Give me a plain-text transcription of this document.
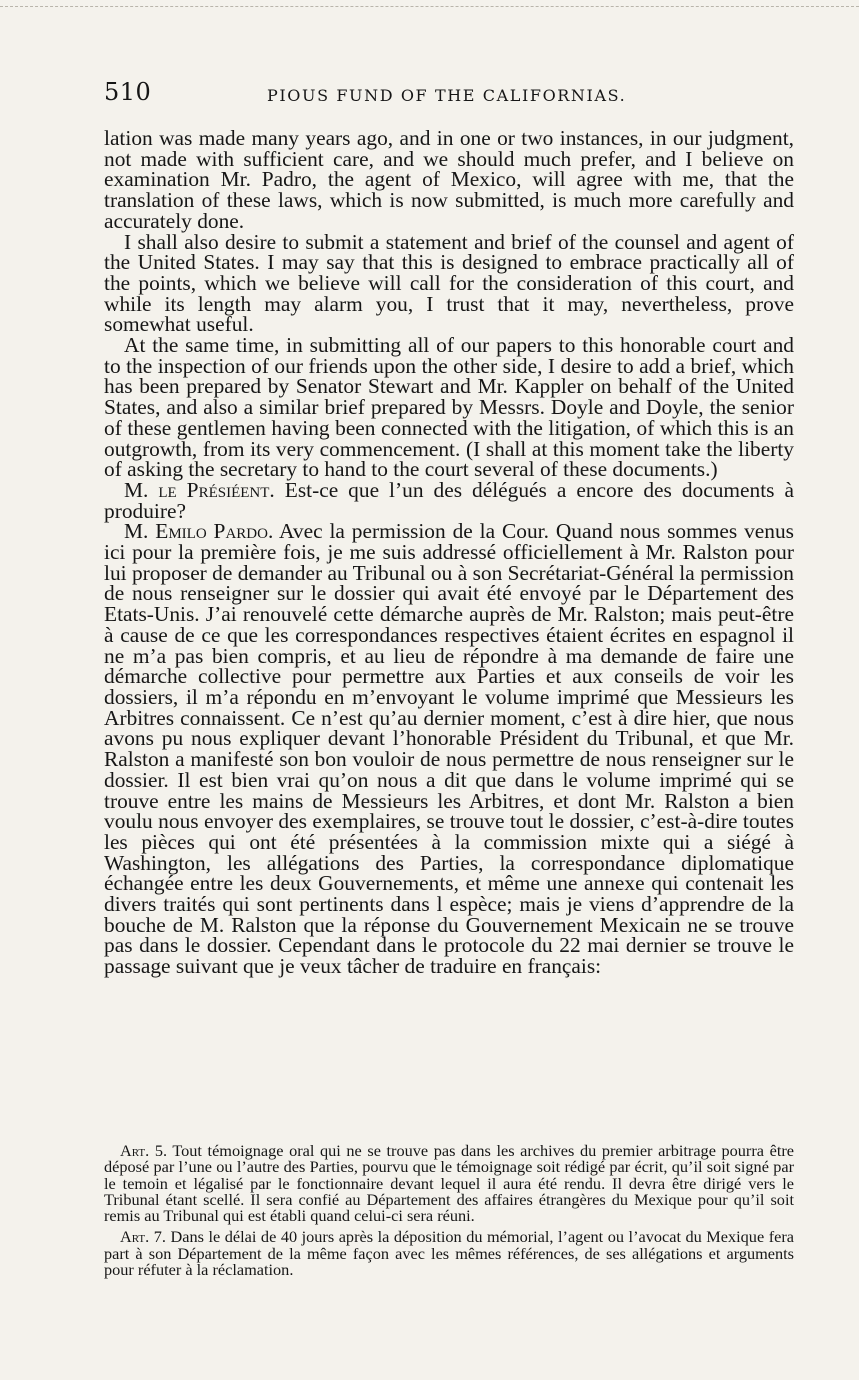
510	PIOUS FUND OF THE CALIFORNIAS.

lation was made many years ago, and in one or two instances, in our judgment, not made with sufficient care, and we should much prefer, and I believe on examination Mr. Padro, the agent of Mexico, will agree with me, that the translation of these laws, which is now submitted, is much more carefully and accurately done.

I shall also desire to submit a statement and brief of the counsel and agent of the United States. I may say that this is designed to embrace practically all of the points, which we believe will call for the consideration of this court, and while its length may alarm you, I trust that it may, nevertheless, prove somewhat useful.

At the same time, in submitting all of our papers to this honorable court and to the inspection of our friends upon the other side, I desire to add a brief, which has been prepared by Senator Stewart and Mr. Kappler on behalf of the United States, and also a similar brief prepared by Messrs. Doyle and Doyle, the senior of these gentlemen having been connected with the litigation, of which this is an outgrowth, from its very commencement. (I shall at this moment take the liberty of asking the secretary to hand to the court several of these documents.)

M. le Présiéent. Est-ce que l’un des délégués a encore des documents à produire?

M. Emilo Pardo. Avec la permission de la Cour. Quand nous sommes venus ici pour la première fois, je me suis addressé officiellement à Mr. Ralston pour lui proposer de demander au Tribunal ou à son Secrétariat-Général la permission de nous renseigner sur le dossier qui avait été envoyé par le Département des Etats-Unis. J’ai renouvelé cette démarche auprès de Mr. Ralston; mais peut-être à cause de ce que les correspondances respectives étaient écrites en espagnol il ne m’a pas bien compris, et au lieu de répondre à ma demande de faire une démarche collective pour permettre aux Parties et aux conseils de voir les dossiers, il m’a répondu en m’envoyant le volume imprimé que Messieurs les Arbitres connaissent. Ce n’est qu’au dernier moment, c’est à dire hier, que nous avons pu nous expliquer devant l’honorable Président du Tribunal, et que Mr. Ralston a manifesté son bon vouloir de nous permettre de nous renseigner sur le dossier. Il est bien vrai qu’on nous a dit que dans le volume imprimé qui se trouve entre les mains de Messieurs les Arbitres, et dont Mr. Ralston a bien voulu nous envoyer des exemplaires, se trouve tout le dossier, c’est-à-dire toutes les pièces qui ont été présentées à la commission mixte qui a siégé à Washington, les allégations des Parties, la correspondance diplomatique échangée entre les deux Gouvernements, et même une annexe qui contenait les divers traités qui sont pertinents dans l espèce; mais je viens d’apprendre de la bouche de M. Ralston que la réponse du Gouvernement Mexicain ne se trouve pas dans le dossier. Cependant dans le protocole du 22 mai dernier se trouve le passage suivant que je veux tâcher de traduire en français:

Art. 5. Tout témoignage oral qui ne se trouve pas dans les archives du premier arbitrage pourra être déposé par l’une ou l’autre des Parties, pourvu que le témoignage soit rédigé par écrit, qu’il soit signé par le temoin et légalisé par le fonctionnaire devant lequel il aura été rendu. Il devra être dirigé vers le Tribunal étant scellé. Il sera confié au Département des affaires étrangères du Mexique pour qu’il soit remis au Tribunal qui est établi quand celui-ci sera réuni.

Art. 7. Dans le délai de 40 jours après la déposition du mémorial, l’agent ou l’avocat du Mexique fera part à son Département de la même façon avec les mêmes références, de ses allégations et arguments pour réfuter à la réclamation.
